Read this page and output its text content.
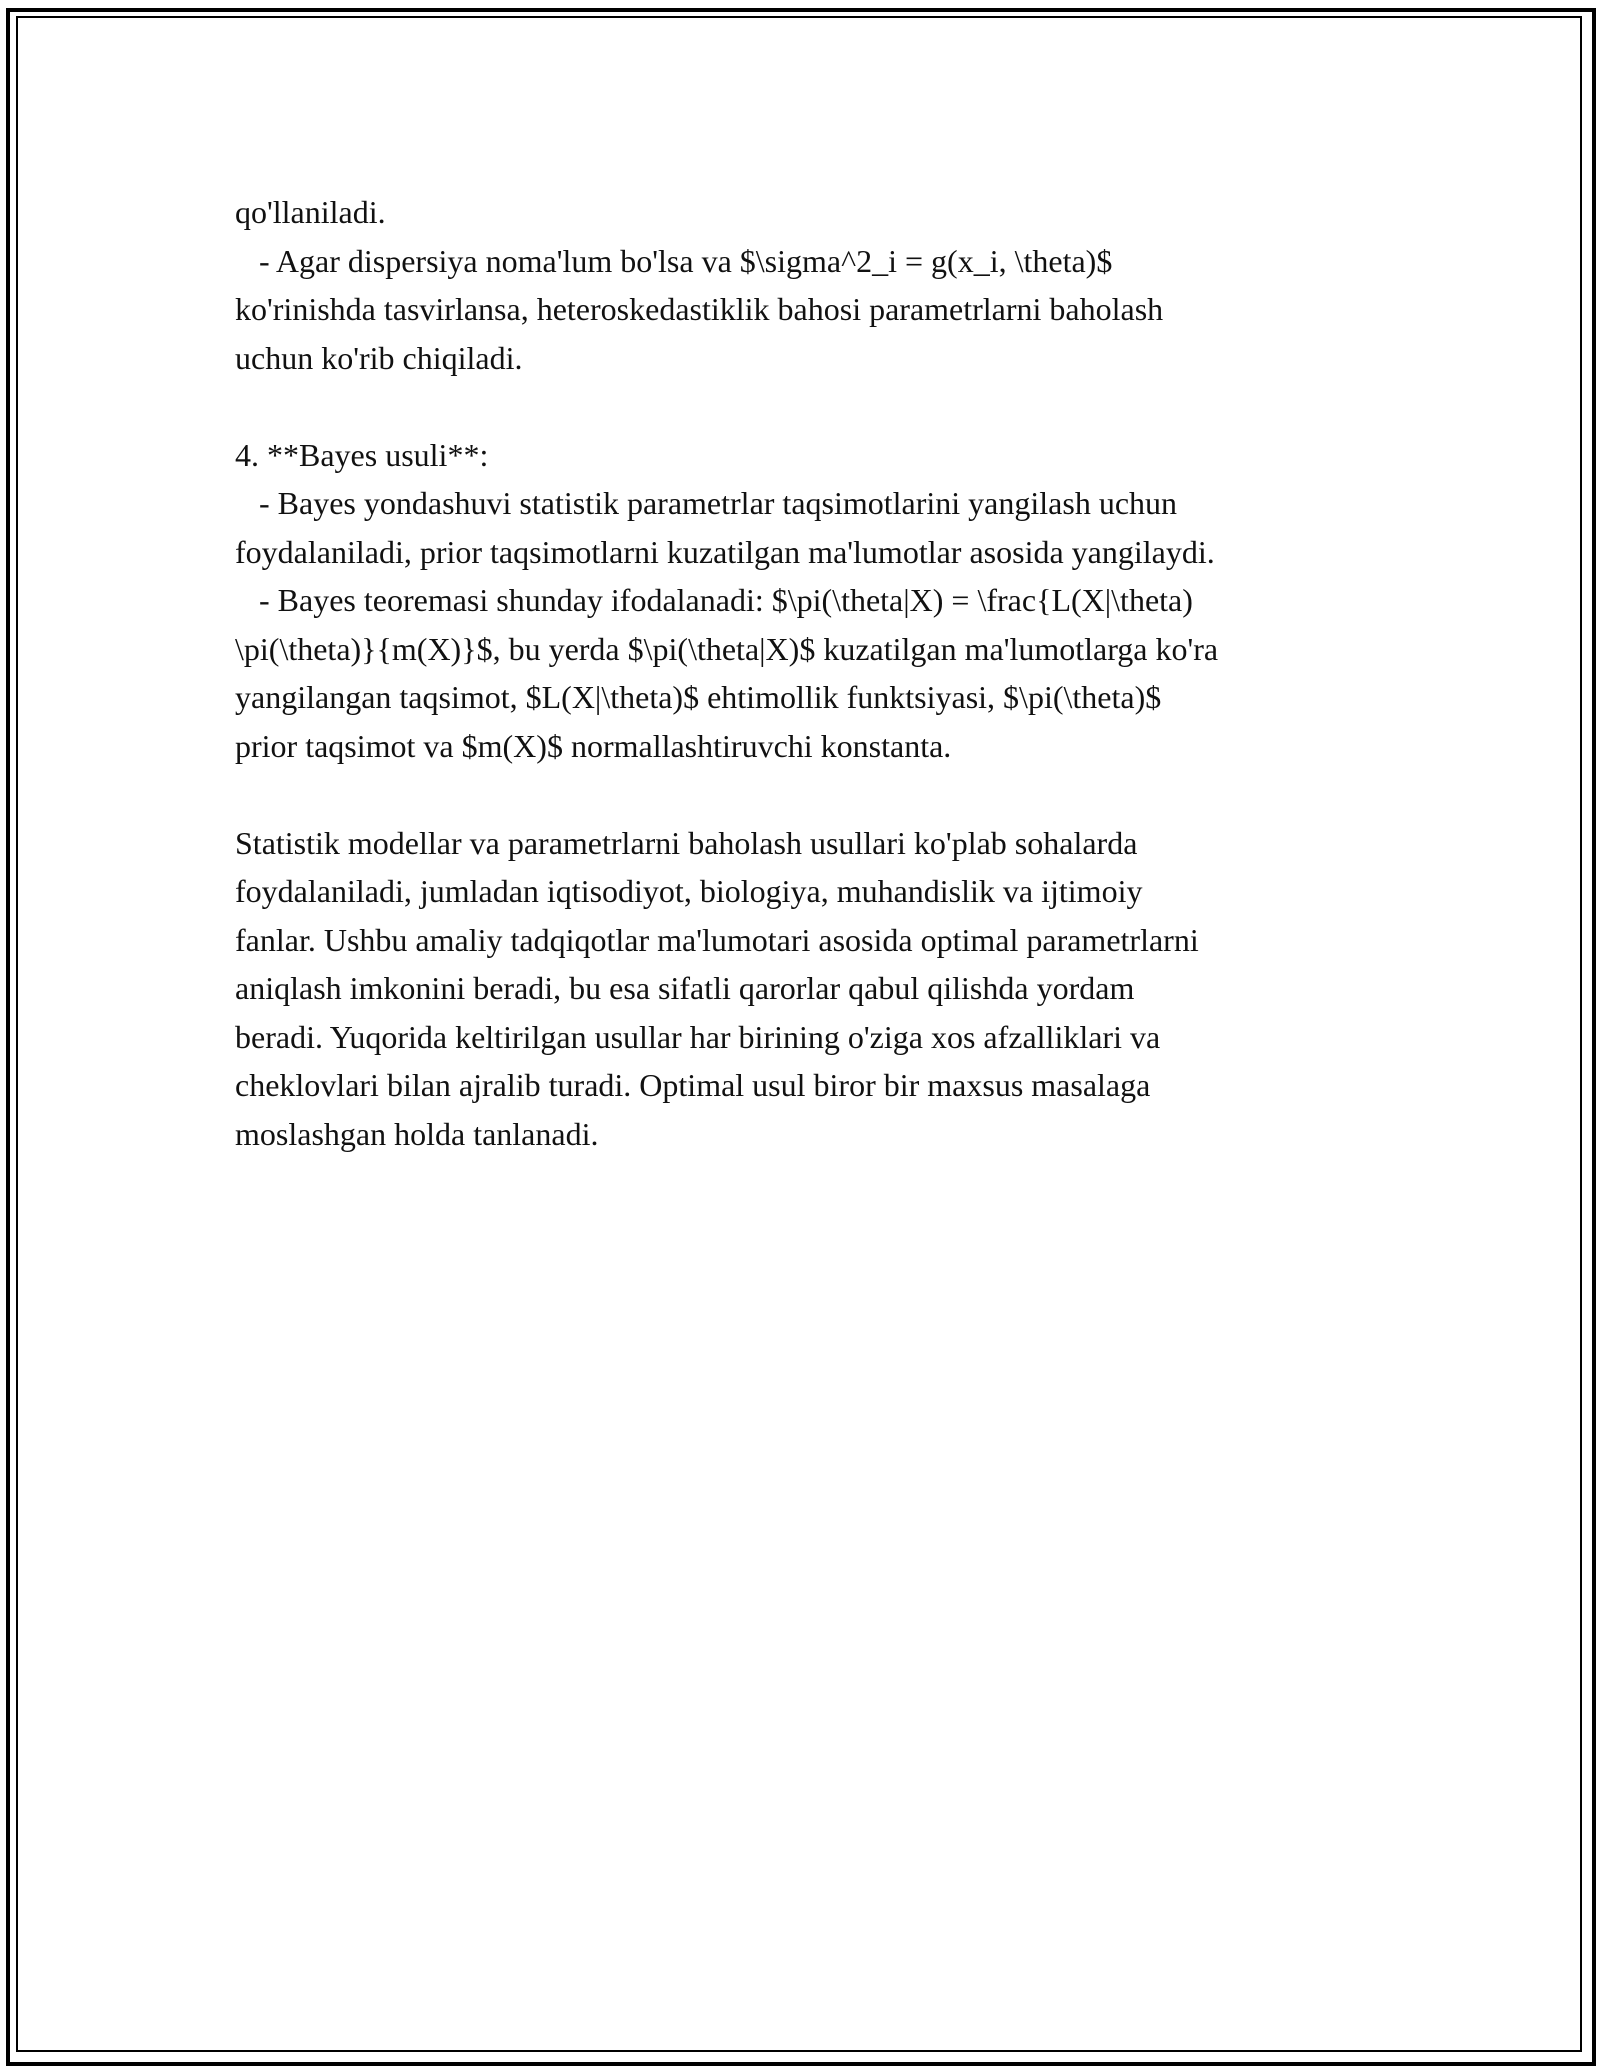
qo'llaniladi.

- Agar dispersiya noma'lum bo'lsa va $\sigma^2_i = g(x_i, \theta)$

ko'rinishda tasvirlansa, heteroskedastiklik bahosi parametrlarni baholash

uchun ko'rib chiqiladi.

4. **Bayes usuli**:

- Bayes yondashuvi statistik parametrlar taqsimotlarini yangilash uchun

foydalaniladi, prior taqsimotlarni kuzatilgan ma'lumotlar asosida yangilaydi.

- Bayes teoremasi shunday ifodalanadi: $\pi(\theta|X) = \frac{L(X|\theta)

\pi(\theta)}{m(X)}$, bu yerda $\pi(\theta|X)$ kuzatilgan ma'lumotlarga ko'ra

yangilangan taqsimot, $L(X|\theta)$ ehtimollik funktsiyasi, $\pi(\theta)$

prior taqsimot va $m(X)$ normallashtiruvchi konstanta.

Statistik modellar va parametrlarni baholash usullari ko'plab sohalarda

foydalaniladi, jumladan iqtisodiyot, biologiya, muhandislik va ijtimoiy

fanlar. Ushbu amaliy tadqiqotlar ma'lumotari asosida optimal parametrlarni

aniqlash imkonini beradi, bu esa sifatli qarorlar qabul qilishda yordam

beradi. Yuqorida keltirilgan usullar har birining o'ziga xos afzalliklari va

cheklovlari bilan ajralib turadi. Optimal usul biror bir maxsus masalaga

moslashgan holda tanlanadi.
